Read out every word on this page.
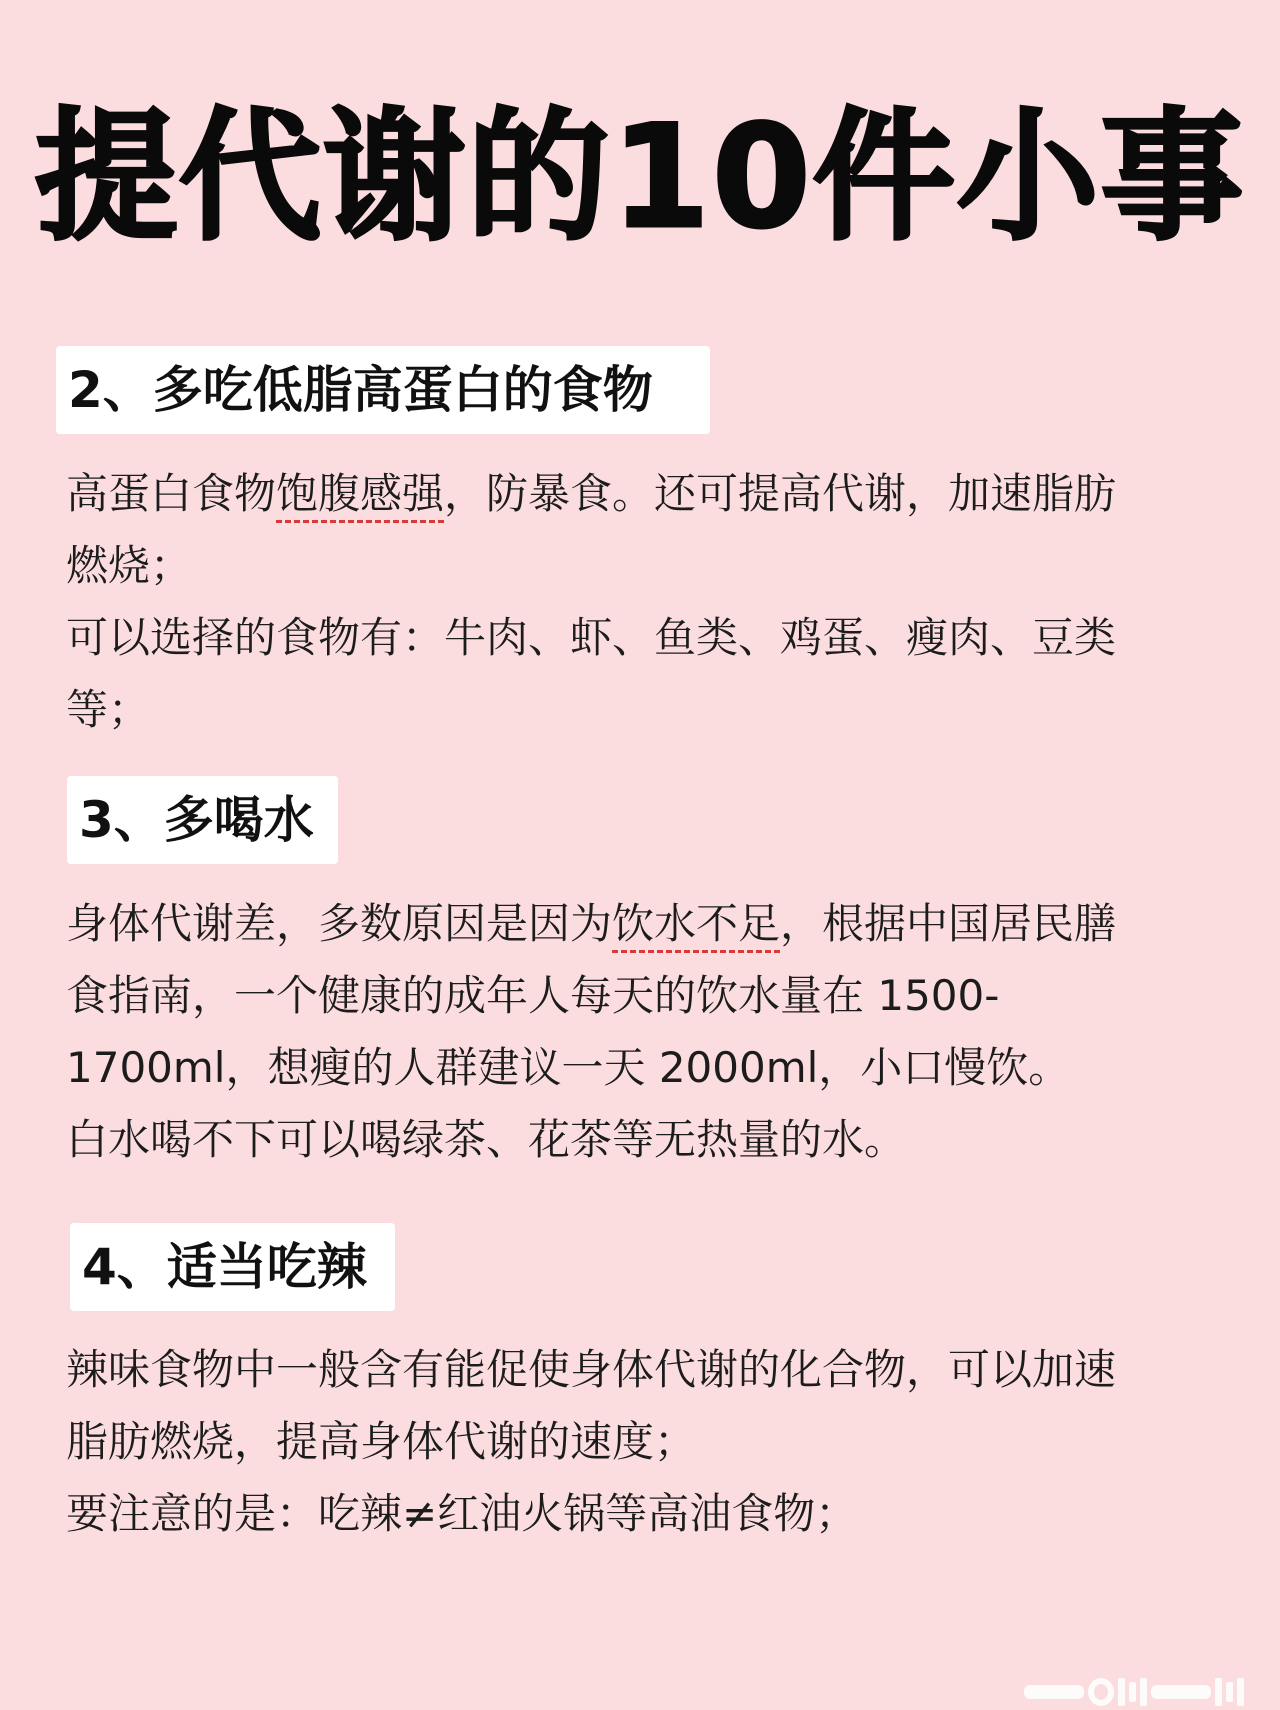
提代谢的10件小事
2、多吃低脂高蛋白的食物
高蛋白食物饱腹感强，防暴食。还可提高代谢，加速脂肪
燃烧；
可以选择的食物有：牛肉、虾、鱼类、鸡蛋、瘦肉、豆类
等；
3、多喝水
身体代谢差，多数原因是因为饮水不足，根据中国居民膳
食指南，一个健康的成年人每天的饮水量在 1500-
1700ml，想瘦的人群建议一天 2000ml，小口慢饮。
白水喝不下可以喝绿茶、花茶等无热量的水。
4、适当吃辣
辣味食物中一般含有能促使身体代谢的化合物，可以加速
脂肪燃烧，提高身体代谢的速度；
要注意的是：吃辣≠红油火锅等高油食物；
